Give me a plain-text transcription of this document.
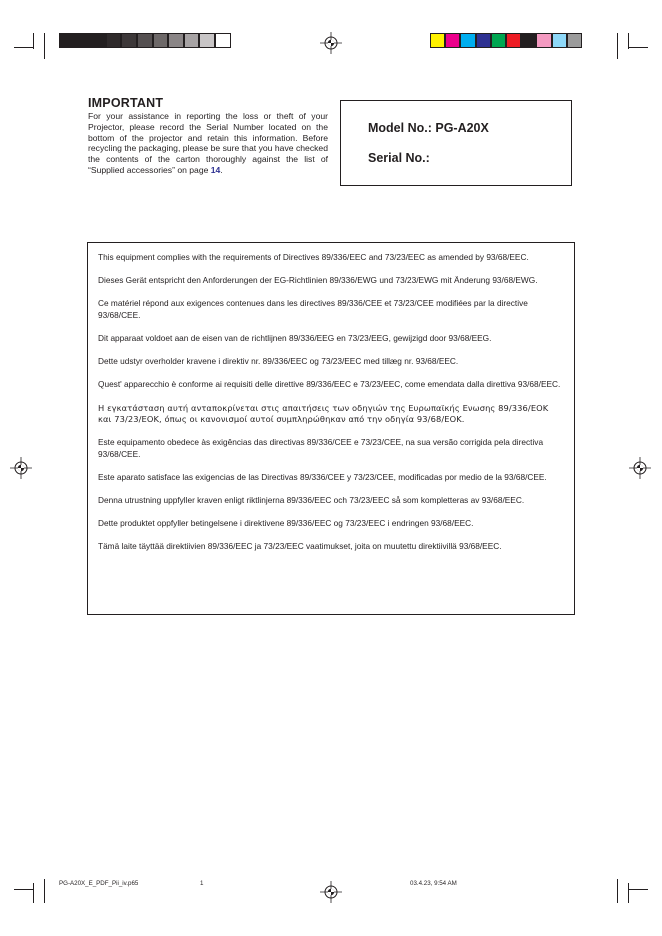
IMPORTANT
For your assistance in reporting the loss or theft of your Projector, please record the Serial Number located on the bottom of the projector and retain this information. Before recycling the packaging, please be sure that you have checked the contents of the carton thoroughly against the list of “Supplied accessories” on page 14.
Model No.: PG-A20X
Serial No.:

This equipment complies with the requirements of Directives 89/336/EEC and 73/23/EEC as amended by 93/68/EEC.

Dieses Gerät entspricht den Anforderungen der EG-Richtlinien 89/336/EWG und 73/23/EWG mit Änderung 93/68/EWG.

Ce matériel répond aux exigences contenues dans les directives 89/336/CEE et 73/23/CEE modifiées par la directive 93/68/CEE.

Dit apparaat voldoet aan de eisen van de richtlijnen 89/336/EEG en 73/23/EEG, gewijzigd door 93/68/EEG.

Dette udstyr overholder kravene i direktiv nr. 89/336/EEC og 73/23/EEC med tillæg nr. 93/68/EEC.

Quest' apparecchio è conforme ai requisiti delle direttive 89/336/EEC e 73/23/EEC, come emendata dalla direttiva 93/68/EEC.

Η εγκατάσταση αυτή ανταποκρίνεται στις απαιτήσεις των οδηγιών της Ευρωπαϊκής Ενωσης 89/336/ΕΟΚ και 73/23/ΕΟΚ, όπως οι κανονισμοί αυτοί συμπληρώθηκαν από την οδηγία 93/68/ΕΟΚ.

Este equipamento obedece às exigências das directivas 89/336/CEE e 73/23/CEE, na sua versão corrigida pela directiva 93/68/CEE.

Este aparato satisface las exigencias de las Directivas 89/336/CEE y 73/23/CEE, modificadas por medio de la 93/68/CEE.

Denna utrustning uppfyller kraven enligt riktlinjerna 89/336/EEC och 73/23/EEC så som kompletteras av 93/68/EEC.

Dette produktet oppfyller betingelsene i direktivene 89/336/EEC og 73/23/EEC i endringen 93/68/EEC.

Tämä laite täyttää direktiivien 89/336/EEC ja 73/23/EEC vaatimukset, joita on muutettu direktiivillä 93/68/EEC.

PG-A20X_E_PDF_Pii_iv.p65	1	03.4.23, 9:54 AM
